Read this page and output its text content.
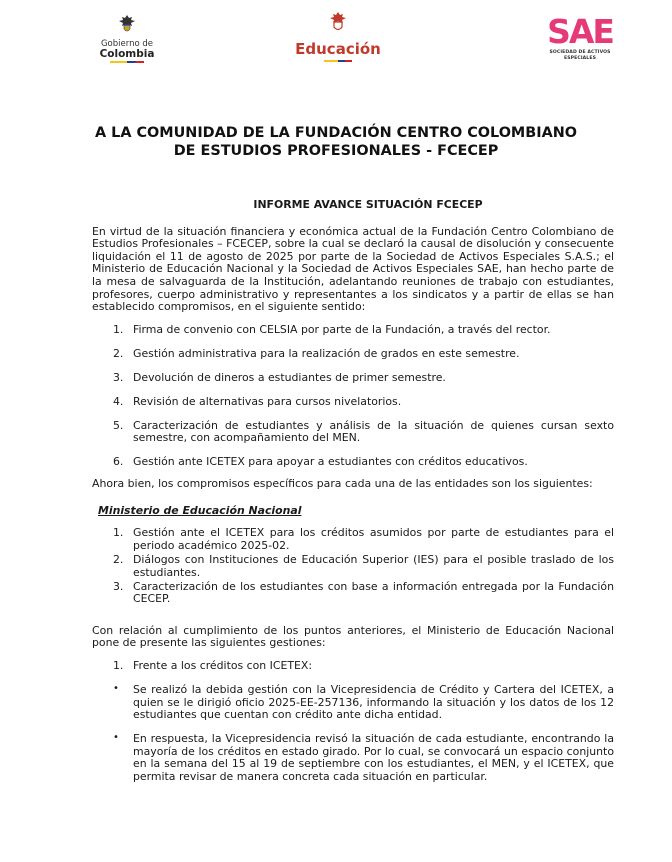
Gobierno de
Colombia	Educación	SAE
SOCIEDAD DE ACTIVOS ESPECIALES
A LA COMUNIDAD DE LA FUNDACIÓN CENTRO COLOMBIANO DE ESTUDIOS PROFESIONALES - FCECEP
INFORME AVANCE SITUACIÓN FCECEP

En virtud de la situación financiera y económica actual de la Fundación Centro Colombiano de Estudios Profesionales – FCECEP, sobre la cual se declaró la causal de disolución y consecuente liquidación el 11 de agosto de 2025 por parte de la Sociedad de Activos Especiales S.A.S.; el Ministerio de Educación Nacional y la Sociedad de Activos Especiales SAE, han hecho parte de la mesa de salvaguarda de la Institución, adelantando reuniones de trabajo con estudiantes, profesores, cuerpo administrativo y representantes a los sindicatos y a partir de ellas se han establecido compromisos, en el siguiente sentido:

1. Firma de convenio con CELSIA por parte de la Fundación, a través del rector.
2. Gestión administrativa para la realización de grados en este semestre.
3. Devolución de dineros a estudiantes de primer semestre.
4. Revisión de alternativas para cursos nivelatorios.
5. Caracterización de estudiantes y análisis de la situación de quienes cursan sexto semestre, con acompañamiento del MEN.
6. Gestión ante ICETEX para apoyar a estudiantes con créditos educativos.

Ahora bien, los compromisos específicos para cada una de las entidades son los siguientes:

Ministerio de Educación Nacional
1. Gestión ante el ICETEX para los créditos asumidos por parte de estudiantes para el periodo académico 2025-02.
2. Diálogos con Instituciones de Educación Superior (IES) para el posible traslado de los estudiantes.
3. Caracterización de los estudiantes con base a información entregada por la Fundación CECEP.

Con relación al cumplimiento de los puntos anteriores, el Ministerio de Educación Nacional pone de presente las siguientes gestiones:

1. Frente a los créditos con ICETEX:
• Se realizó la debida gestión con la Vicepresidencia de Crédito y Cartera del ICETEX, a quien se le dirigió oficio 2025-EE-257136, informando la situación y los datos de los 12 estudiantes que cuentan con crédito ante dicha entidad.
• En respuesta, la Vicepresidencia revisó la situación de cada estudiante, encontrando la mayoría de los créditos en estado girado. Por lo cual, se convocará un espacio conjunto en la semana del 15 al 19 de septiembre con los estudiantes, el MEN, y el ICETEX, que permita revisar de manera concreta cada situación en particular.
